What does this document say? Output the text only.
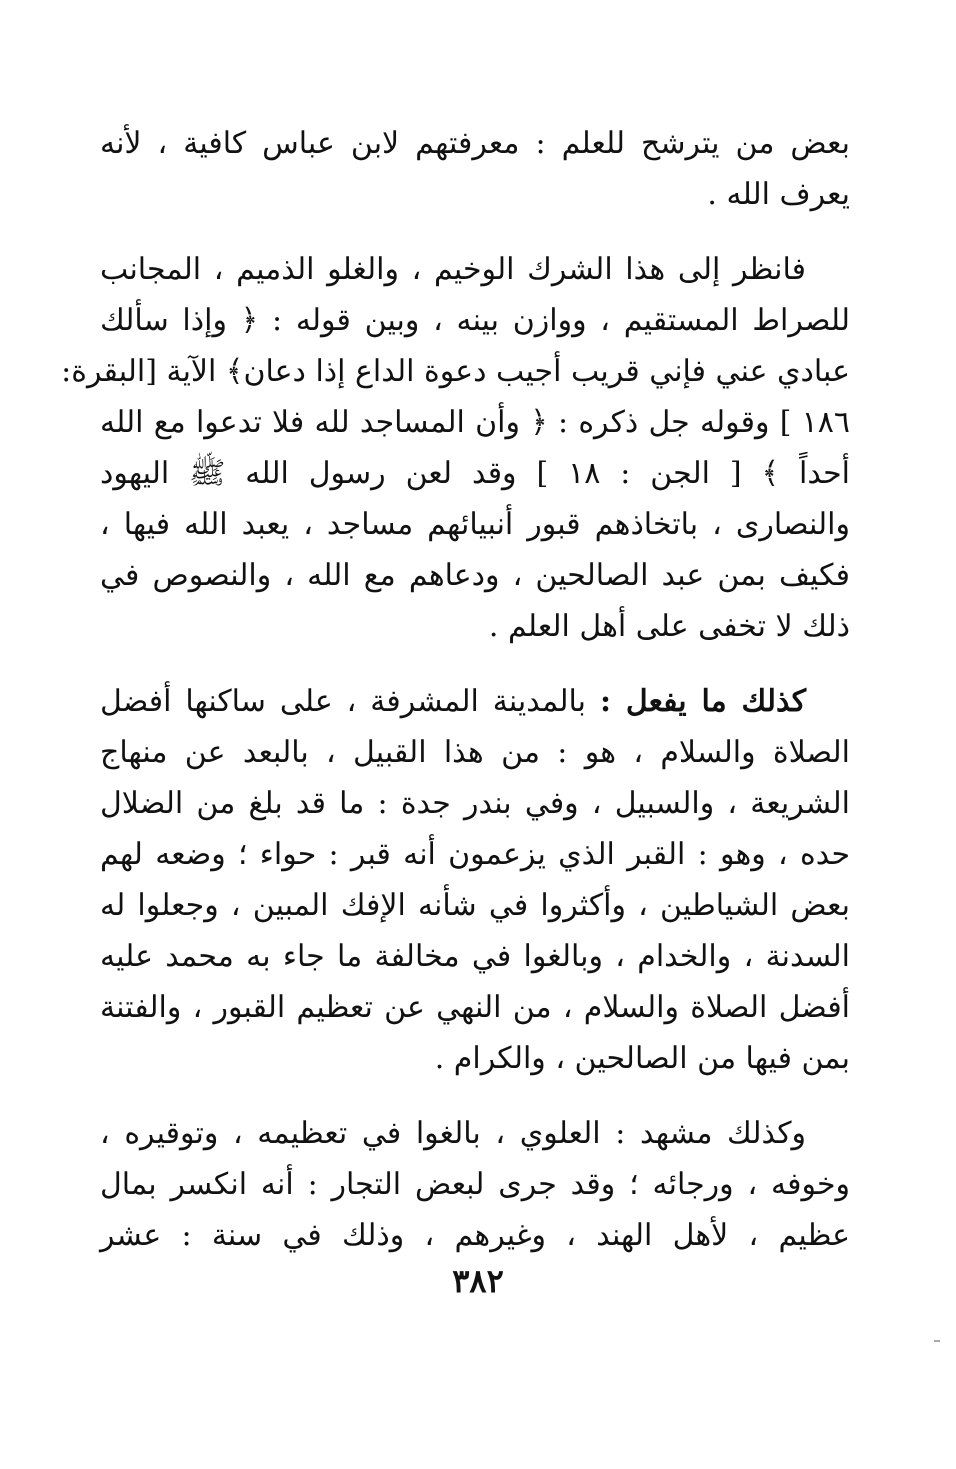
بعض من يترشح للعلم : معرفتهم لابن عباس كافية ، لأنه
يعرف الله .
فانظر إلى هذا الشرك الوخيم ، والغلو الذميم ، المجانب
للصراط المستقيم ، ووازن بينه ، وبين قوله : ﴿ وإذا سألك
عبادي عني فإني قريب أجيب دعوة الداع إذا دعان﴾ الآية [البقرة:
١٨٦ ] وقوله جل ذكره : ﴿ وأن المساجد لله فلا تدعوا مع الله
أحداً ﴾ [ الجن : ١٨ ] وقد لعن رسول الله ﷺ اليهود
والنصارى ، باتخاذهم قبور أنبيائهم مساجد ، يعبد الله فيها ،
فكيف بمن عبد الصالحين ، ودعاهم مع الله ، والنصوص في
ذلك لا تخفى على أهل العلم .
كذلك ما يفعل : بالمدينة المشرفة ، على ساكنها أفضل
الصلاة والسلام ، هو : من هذا القبيل ، بالبعد عن منهاج
الشريعة ، والسبيل ، وفي بندر جدة : ما قد بلغ من الضلال
حده ، وهو : القبر الذي يزعمون أنه قبر : حواء ؛ وضعه لهم
بعض الشياطين ، وأكثروا في شأنه الإفك المبين ، وجعلوا له
السدنة ، والخدام ، وبالغوا في مخالفة ما جاء به محمد عليه
أفضل الصلاة والسلام ، من النهي عن تعظيم القبور ، والفتنة
بمن فيها من الصالحين ، والكرام .
وكذلك مشهد : العلوي ، بالغوا في تعظيمه ، وتوقيره ،
وخوفه ، ورجائه ؛ وقد جرى لبعض التجار : أنه انكسر بمال
عظيم ، لأهل الهند ، وغيرهم ، وذلك في سنة : عشر
٣٨٢
